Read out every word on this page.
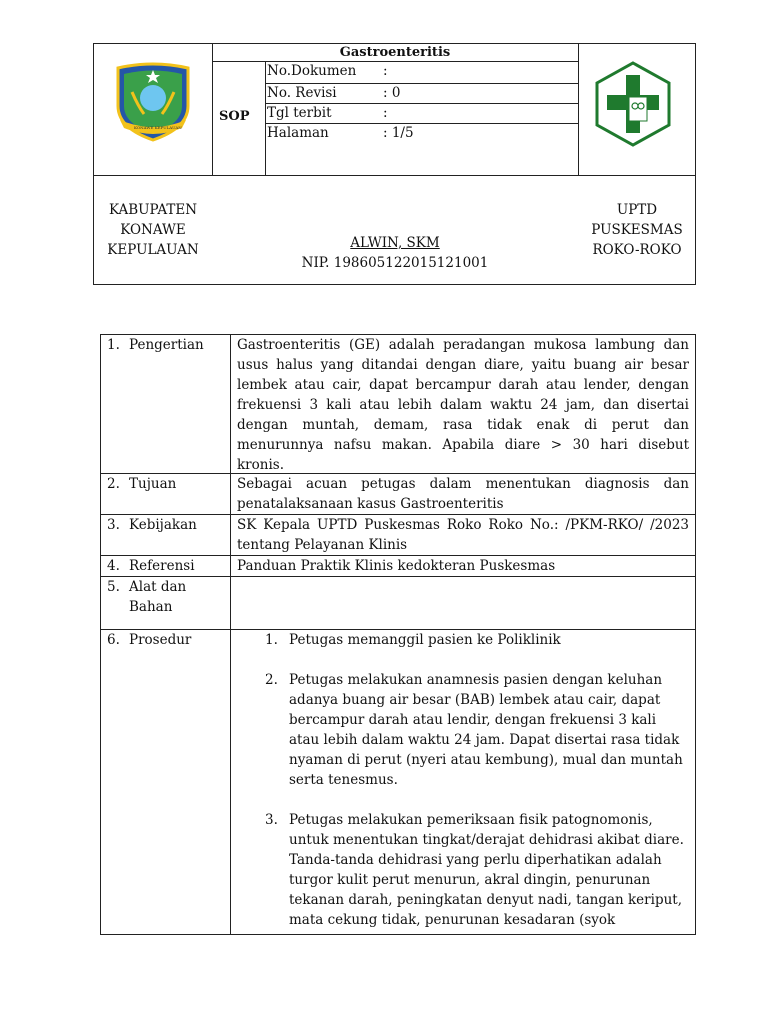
KONAWE KEPULAUAN
Gastroenteritis
SOP
No.Dokumen :
No. Revisi	: 0
Tgl terbit	:
Halaman	: 1/5
KABUPATEN
KONAWE
KEPULAUAN	ALWIN, SKM
NIP. 198605122015121001
UPTD
PUSKESMAS
ROKO-ROKO
1. Pengertian	Gastroenteritis (GE) adalah peradangan mukosa lambung dan usus halus yang ditandai dengan diare, yaitu buang air besar lembek atau cair, dapat bercampur darah atau lender, dengan frekuensi 3 kali atau lebih dalam waktu 24 jam, dan disertai dengan muntah, demam, rasa tidak enak di perut dan menurunnya nafsu makan. Apabila diare > 30 hari disebut kronis.
2. Tujuan	Sebagai acuan petugas dalam menentukan diagnosis dan penatalaksanaan kasus Gastroenteritis
3. Kebijakan	SK Kepala UPTD Puskesmas Roko Roko No.: /PKM-RKO/ /2023 tentang Pelayanan Klinis
4. Referensi	Panduan Praktik Klinis kedokteran Puskesmas
5. Alat dan Bahan
6. Prosedur	1. Petugas memanggil pasien ke Poliklinik
2. Petugas melakukan anamnesis pasien dengan keluhan adanya buang air besar (BAB) lembek atau cair, dapat bercampur darah atau lendir, dengan frekuensi 3 kali atau lebih dalam waktu 24 jam. Dapat disertai rasa tidak nyaman di perut (nyeri atau kembung), mual dan muntah serta tenesmus.
3. Petugas melakukan pemeriksaan fisik patognomonis, untuk menentukan tingkat/derajat dehidrasi akibat diare. Tanda-tanda dehidrasi yang perlu diperhatikan adalah turgor kulit perut menurun, akral dingin, penurunan tekanan darah, peningkatan denyut nadi, tangan keriput, mata cekung tidak, penurunan kesadaran (syok
